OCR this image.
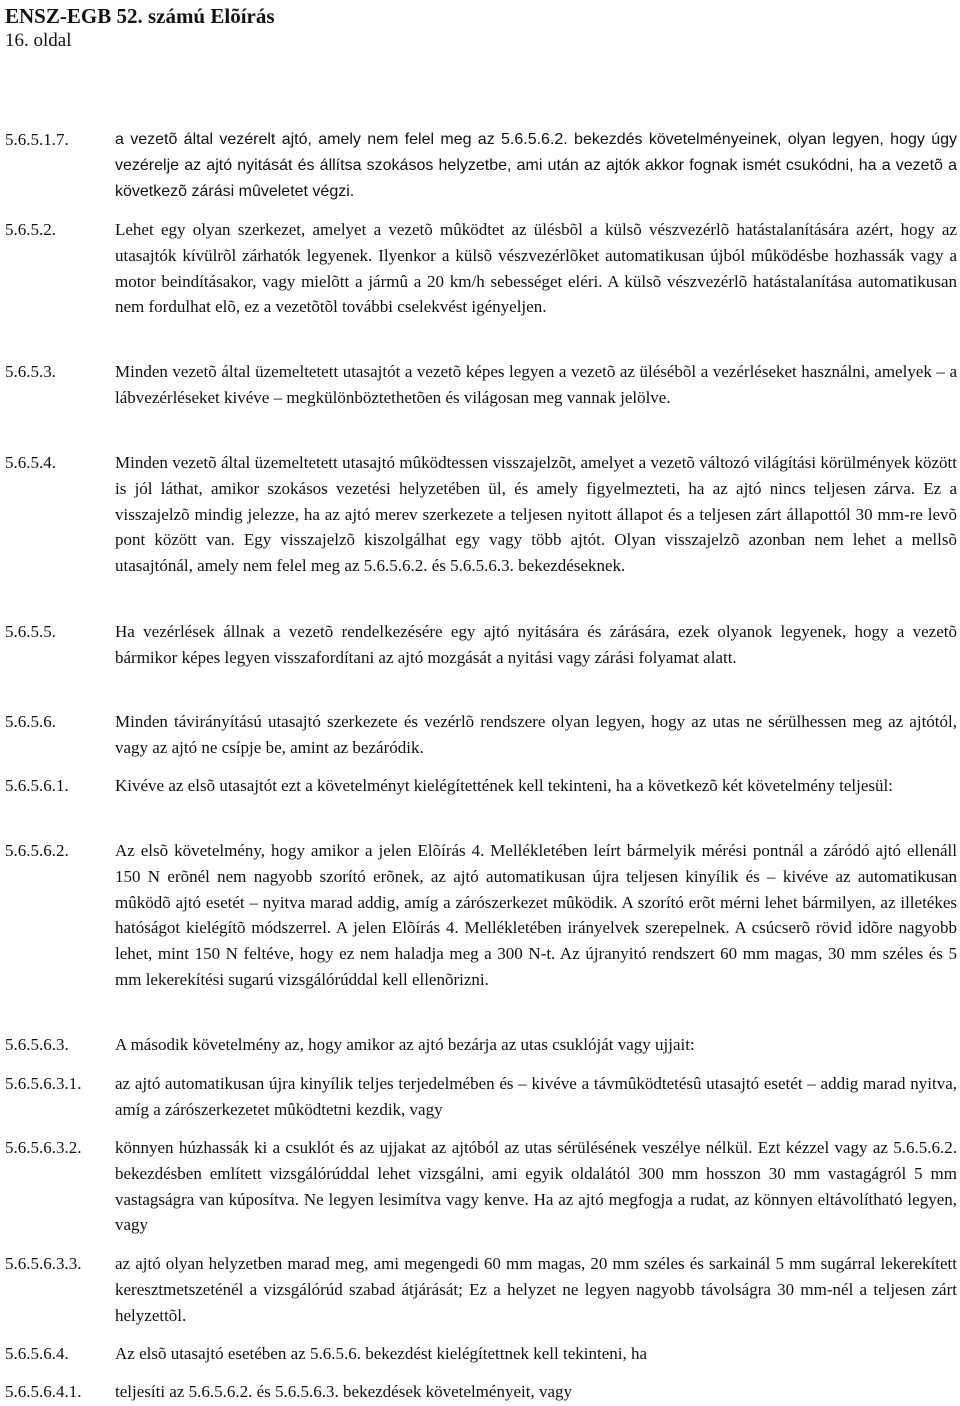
ENSZ-EGB 52. számú Elõírás
16. oldal
5.6.5.1.7.	a vezetõ által vezérelt ajtó, amely nem felel meg az 5.6.5.6.2. bekezdés követelményeinek, olyan legyen, hogy úgy vezérelje az ajtó nyitását és állítsa szokásos helyzetbe, ami után az ajtók akkor fognak ismét csukódni, ha a vezetõ a következõ zárási mûveletet végzi.
5.6.5.2.	Lehet egy olyan szerkezet, amelyet a vezetõ mûködtet az ülésbõl a külsõ vészvezérlõ hatástalanítására azért, hogy az utasajtók kívülrõl zárhatók legyenek. Ilyenkor a külsõ vészvezérlõket automatikusan újból mûködésbe hozhassák vagy a motor beindításakor, vagy mielõtt a jármû a 20 km/h sebességet eléri. A külsõ vészvezérlõ hatástalanítása automatikusan nem fordulhat elõ, ez a vezetõtõl további cselekvést igényeljen.
5.6.5.3.	Minden vezetõ által üzemeltetett utasajtót a vezetõ képes legyen a vezetõ az ülésébõl a vezérléseket használni, amelyek – a lábvezérléseket kivéve – megkülönböztethetõen és világosan meg vannak jelölve.
5.6.5.4.	Minden vezetõ által üzemeltetett utasajtó mûködtessen visszajelzõt, amelyet a vezetõ változó világítási körülmények között is jól láthat, amikor szokásos vezetési helyzetében ül, és amely figyelmezteti, ha az ajtó nincs teljesen zárva. Ez a visszajelzõ mindig jelezze, ha az ajtó merev szerkezete a teljesen nyitott állapot és a teljesen zárt állapottól 30 mm-re levõ pont között van. Egy visszajelzõ kiszolgálhat egy vagy több ajtót. Olyan visszajelzõ azonban nem lehet a mellsõ utasajtónál, amely nem felel meg az 5.6.5.6.2. és 5.6.5.6.3. bekezdéseknek.
5.6.5.5.	Ha vezérlések állnak a vezetõ rendelkezésére egy ajtó nyitására és zárására, ezek olyanok legyenek, hogy a vezetõ bármikor képes legyen visszafordítani az ajtó mozgását a nyitási vagy zárási folyamat alatt.
5.6.5.6.	Minden távirányítású utasajtó szerkezete és vezérlõ rendszere olyan legyen, hogy az utas ne sérülhessen meg az ajtótól, vagy az ajtó ne csípje be, amint az bezáródik.
5.6.5.6.1.	Kivéve az elsõ utasajtót ezt a követelményt kielégítettének kell tekinteni, ha a következõ két követelmény teljesül:
5.6.5.6.2.	Az elsõ követelmény, hogy amikor a jelen Elõírás 4. Mellékletében leírt bármelyik mérési pontnál a záródó ajtó ellenáll 150 N erõnél nem nagyobb szorító erõnek, az ajtó automatikusan újra teljesen kinyílik és – kivéve az automatikusan mûködõ ajtó esetét – nyitva marad addig, amíg a zárószerkezet mûködik. A szorító erõt mérni lehet bármilyen, az illetékes hatóságot kielégítõ módszerrel. A jelen Elõírás 4. Mellékletében irányelvek szerepelnek. A csúcserõ rövid idõre nagyobb lehet, mint 150 N feltéve, hogy ez nem haladja meg a 300 N-t. Az újranyitó rendszert 60 mm magas, 30 mm széles és 5 mm lekerekítési sugarú vizsgálórúddal kell ellenõrizni.
5.6.5.6.3.	A második követelmény az, hogy amikor az ajtó bezárja az utas csuklóját vagy ujjait:
5.6.5.6.3.1. az ajtó automatikusan újra kinyílik teljes terjedelmében és – kivéve a távmûködtetésû utasajtó esetét – addig marad nyitva, amíg a zárószerkezetet mûködtetni kezdik, vagy
5.6.5.6.3.2. könnyen húzhassák ki a csuklót és az ujjakat az ajtóból az utas sérülésének veszélye nélkül. Ezt kézzel vagy az 5.6.5.6.2. bekezdésben említett vizsgálórúddal lehet vizsgálni, ami egyik oldalától 300 mm hosszon 30 mm vastagágról 5 mm vastagságra van kúposítva. Ne legyen lesimítva vagy kenve. Ha az ajtó megfogja a rudat, az könnyen eltávolítható legyen, vagy
5.6.5.6.3.3. az ajtó olyan helyzetben marad meg, ami megengedi 60 mm magas, 20 mm széles és sarkainál 5 mm sugárral lekerekített keresztmetszeténél a vizsgálórúd szabad átjárását; Ez a helyzet ne legyen nagyobb távolságra 30 mm-nél a teljesen zárt helyzettõl.
5.6.5.6.4.	Az elsõ utasajtó esetében az 5.6.5.6. bekezdést kielégítettnek kell tekinteni, ha
5.6.5.6.4.1. teljesíti az 5.6.5.6.2. és 5.6.5.6.3. bekezdések követelményeit, vagy
